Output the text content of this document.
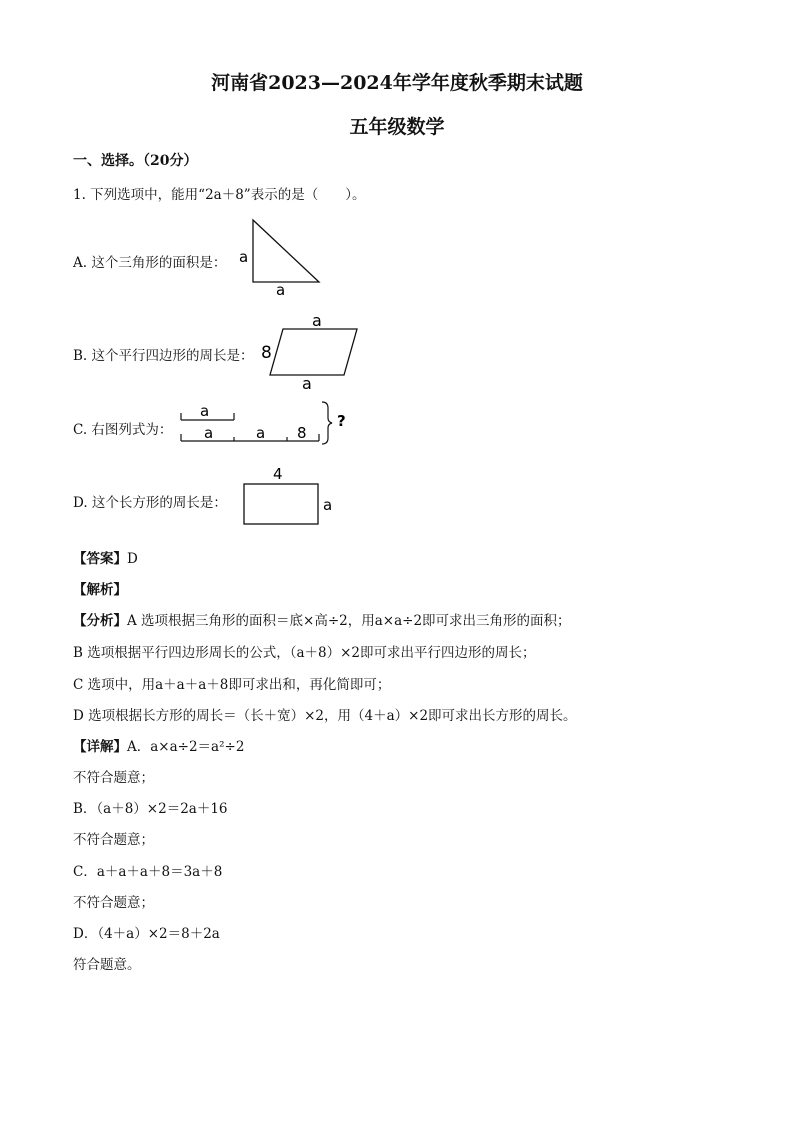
河南省2023—2024年学年度秋季期末试题
五年级数学
一、选择。（20分）
1. 下列选项中，能用“2a＋8”表示的是（　　）。
A. 这个三角形的面积是： a
a
B. 这个平行四边形的周长是：
a
8
a
C. 右图列式为：
a
a	a 8
?
D. 这个长方形的周长是：
4
a
【答案】D
【解析】
【分析】A 选项根据三角形的面积＝底×高÷2，用a×a÷2即可求出三角形的面积；
B 选项根据平行四边形周长的公式，（a＋8）×2即可求出平行四边形的周长；
C 选项中，用a＋a＋a＋8即可求出和，再化简即可；
D 选项根据长方形的周长＝（长＋宽）×2，用（4＋a）×2即可求出长方形的周长。
【详解】A．a×a÷2＝a²÷2
不符合题意；
B．（a＋8）×2＝2a＋16
不符合题意；
C．a＋a＋a＋8＝3a＋8
不符合题意；
D．（4＋a）×2＝8＋2a
符合题意。
